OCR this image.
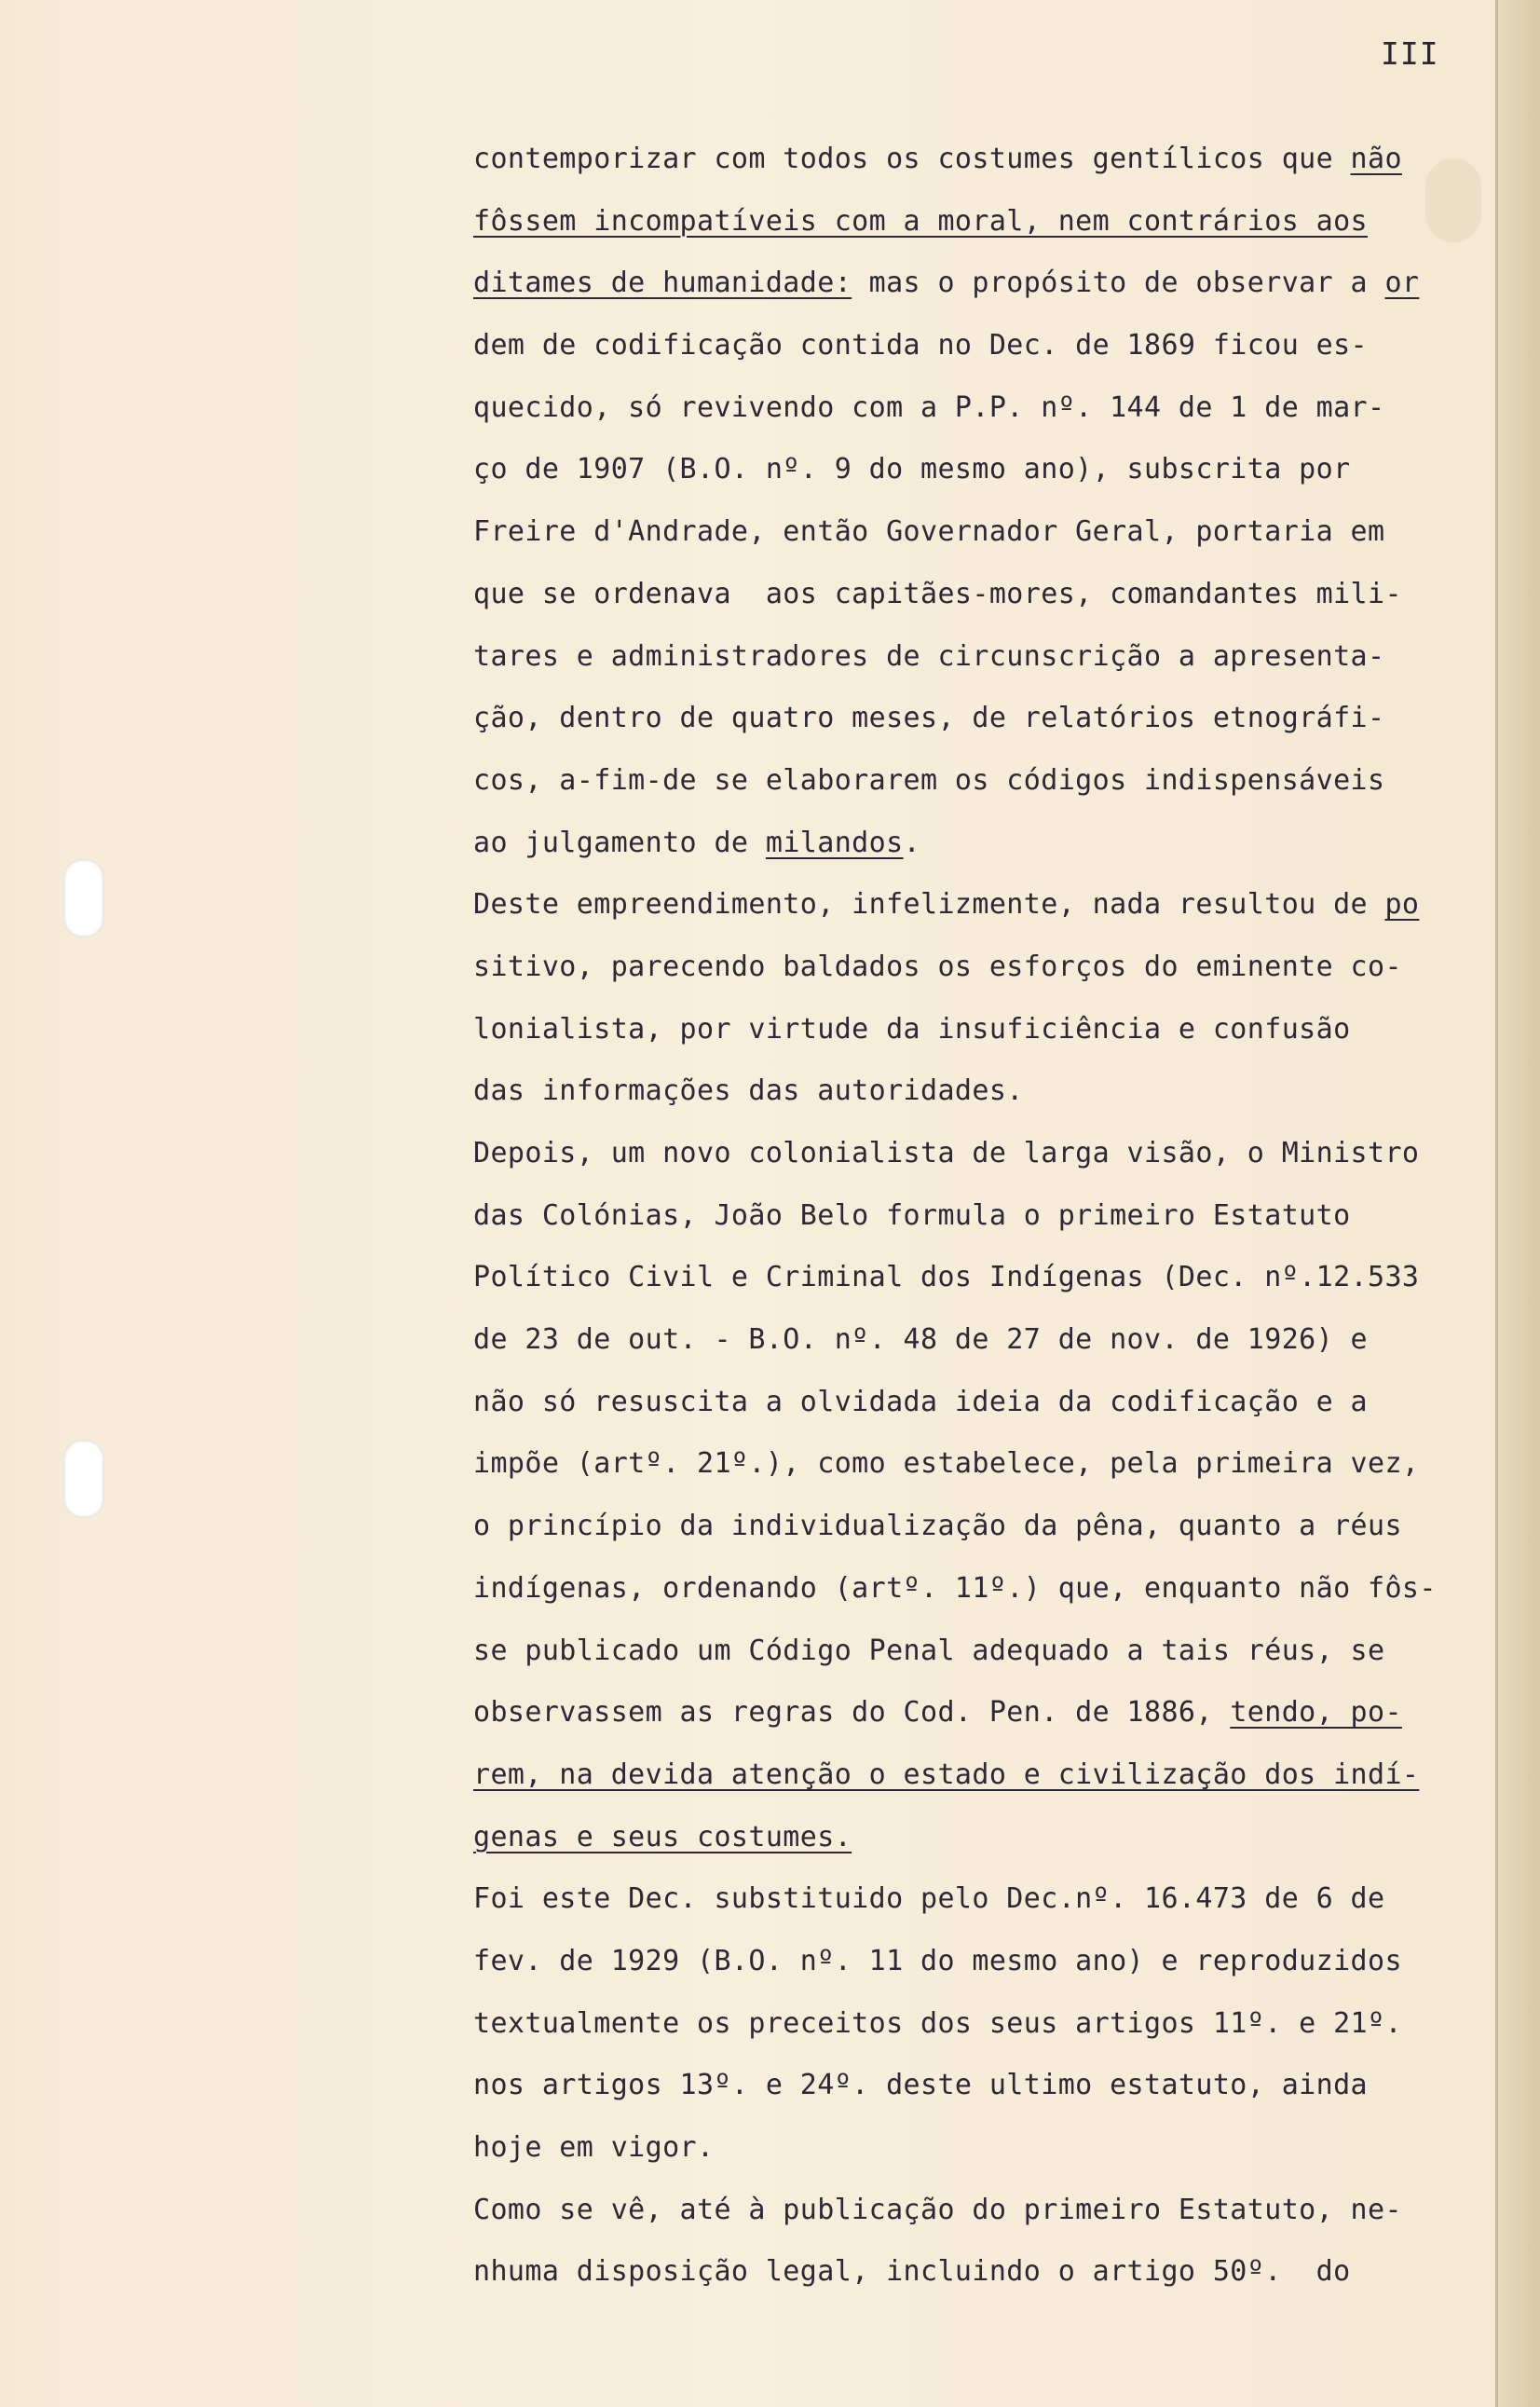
III
contemporizar com todos os costumes gentílicos que não
fôssem incompatíveis com a moral, nem contrários aos
ditames de humanidade: mas o propósito de observar a or
dem de codificação contida no Dec. de 1869 ficou es-
quecido, só revivendo com a P.P. nº. 144 de 1 de mar-
ço de 1907 (B.O. nº. 9 do mesmo ano), subscrita por
Freire d'Andrade, então Governador Geral, portaria em
que se ordenava  aos capitães-mores, comandantes mili-
tares e administradores de circunscrição a apresenta-
ção, dentro de quatro meses, de relatórios etnográfi-
cos, a-fim-de se elaborarem os códigos indispensáveis
ao julgamento de milandos.
Deste empreendimento, infelizmente, nada resultou de po
sitivo, parecendo baldados os esforços do eminente co-
lonialista, por virtude da insuficiência e confusão
das informações das autoridades.
Depois, um novo colonialista de larga visão, o Ministro
das Colónias, João Belo formula o primeiro Estatuto
Político Civil e Criminal dos Indígenas (Dec. nº.12.533
de 23 de out. - B.O. nº. 48 de 27 de nov. de 1926) e
não só resuscita a olvidada ideia da codificação e a
impõe (artº. 21º.), como estabelece, pela primeira vez,
o princípio da individualização da pêna, quanto a réus
indígenas, ordenando (artº. 11º.) que, enquanto não fôs-
se publicado um Código Penal adequado a tais réus, se
observassem as regras do Cod. Pen. de 1886, tendo, po-
rem, na devida atenção o estado e civilização dos indí-
genas e seus costumes.
Foi este Dec. substituido pelo Dec.nº. 16.473 de 6 de
fev. de 1929 (B.O. nº. 11 do mesmo ano) e reproduzidos
textualmente os preceitos dos seus artigos 11º. e 21º.
nos artigos 13º. e 24º. deste ultimo estatuto, ainda
hoje em vigor.
Como se vê, até à publicação do primeiro Estatuto, ne-
nhuma disposição legal, incluindo o artigo 50º.  do
